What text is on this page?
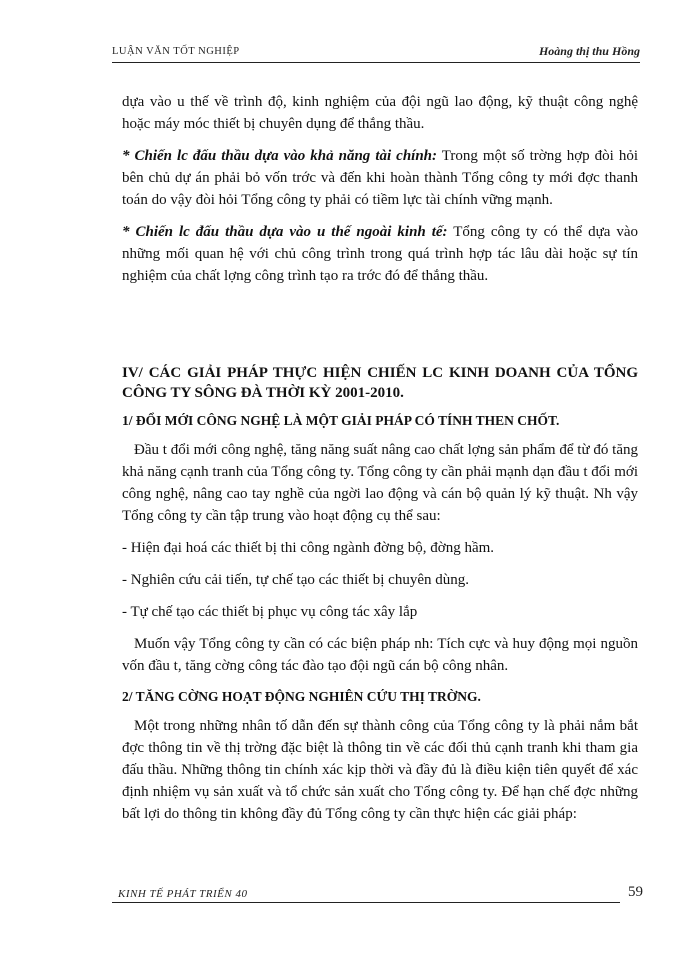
LUẬN VĂN TỐT NGHIỆP	Hoàng thị thu Hồng

dựa vào u thế về trình độ, kinh nghiệm của đội ngũ lao động, kỹ thuật công nghệ hoặc máy móc thiết bị chuyên dụng để thắng thầu.

* Chiến lc đấu thầu dựa vào khả năng tài chính: Trong một số trờng hợp đòi hỏi bên chủ dự án phải bỏ vốn trớc và đến khi hoàn thành Tổng công ty mới đợc thanh toán do vậy đòi hỏi Tổng công ty phải có tiềm lực tài chính vững mạnh.

* Chiến lc đấu thầu dựa vào u thế ngoài kinh tế: Tổng công ty có thể dựa vào những mối quan hệ với chủ công trình trong quá trình hợp tác lâu dài hoặc sự tín nghiệm của chất lợng công trình tạo ra trớc đó để thắng thầu.

IV/ CÁC GIẢI PHÁP THỰC HIỆN CHIẾN LC KINH DOANH CỦA TỔNG CÔNG TY SÔNG ĐÀ THỜI KỲ 2001-2010.
1/ ĐỔI MỚI CÔNG NGHỆ LÀ MỘT GIẢI PHÁP CÓ TÍNH THEN CHỐT.

Đầu t đổi mới công nghệ, tăng năng suất nâng cao chất lợng sản phẩm để từ đó tăng khả năng cạnh tranh của Tổng công ty. Tổng công ty cần phải mạnh dạn đầu t đổi mới công nghệ, nâng cao tay nghề của ngời lao động và cán bộ quản lý kỹ thuật. Nh vậy Tổng công ty cần tập trung vào hoạt động cụ thể sau:

- Hiện đại hoá các thiết bị thi công ngành đờng bộ, đờng hầm.

- Nghiên cứu cải tiến, tự chế tạo các thiết bị chuyên dùng.

- Tự chế tạo các thiết bị phục vụ công tác xây lắp

Muốn vậy Tổng công ty cần có các biện pháp nh: Tích cực và huy động mọi nguồn vốn đầu t, tăng cờng công tác đào tạo đội ngũ cán bộ công nhân.

2/ TĂNG CỜNG HOẠT ĐỘNG NGHIÊN CỨU THỊ TRỜNG.

Một trong những nhân tố dẫn đến sự thành công của Tổng công ty là phải nắm bắt đợc thông tin về thị trờng đặc biệt là thông tin về các đối thủ cạnh tranh khi tham gia đấu thầu. Những thông tin chính xác kịp thời và đầy đủ là điều kiện tiên quyết để xác định nhiệm vụ sản xuất và tổ chức sản xuất cho Tổng công ty. Để hạn chế đợc những bất lợi do thông tin không đầy đủ Tổng công ty cần thực hiện các giải pháp:

KINH TẾ PHÁT TRIỂN 40	59
